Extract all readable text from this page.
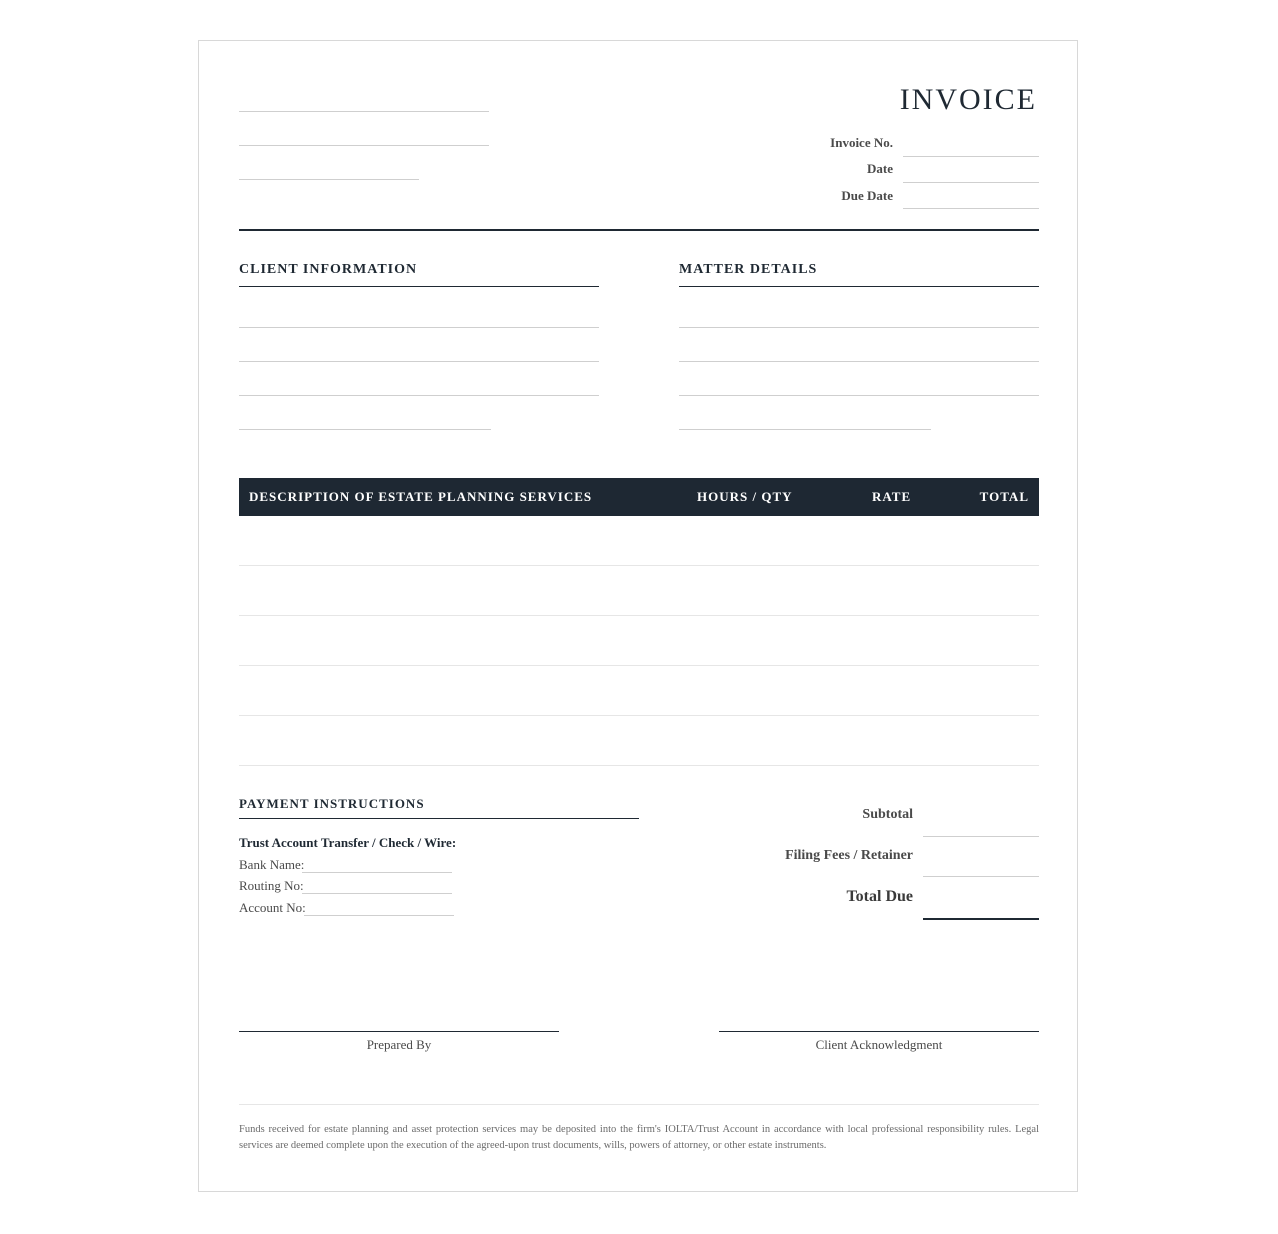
INVOICE
Invoice No.
Date
Due Date
CLIENT INFORMATION	MATTER DETAILS
DESCRIPTION OF ESTATE PLANNING SERVICES	HOURS / QTY	RATE	TOTAL
PAYMENT INSTRUCTIONS
Trust Account Transfer / Check / Wire:
Bank Name:
Routing No:
Account No:
Subtotal
Filing Fees / Retainer
Total Due
Prepared By	Client Acknowledgment
Funds received for estate planning and asset protection services may be deposited into the firm's IOLTA/Trust Account in accordance with local professional responsibility rules. Legal services are deemed complete upon the execution of the agreed-upon trust documents, wills, powers of attorney, or other estate instruments.
